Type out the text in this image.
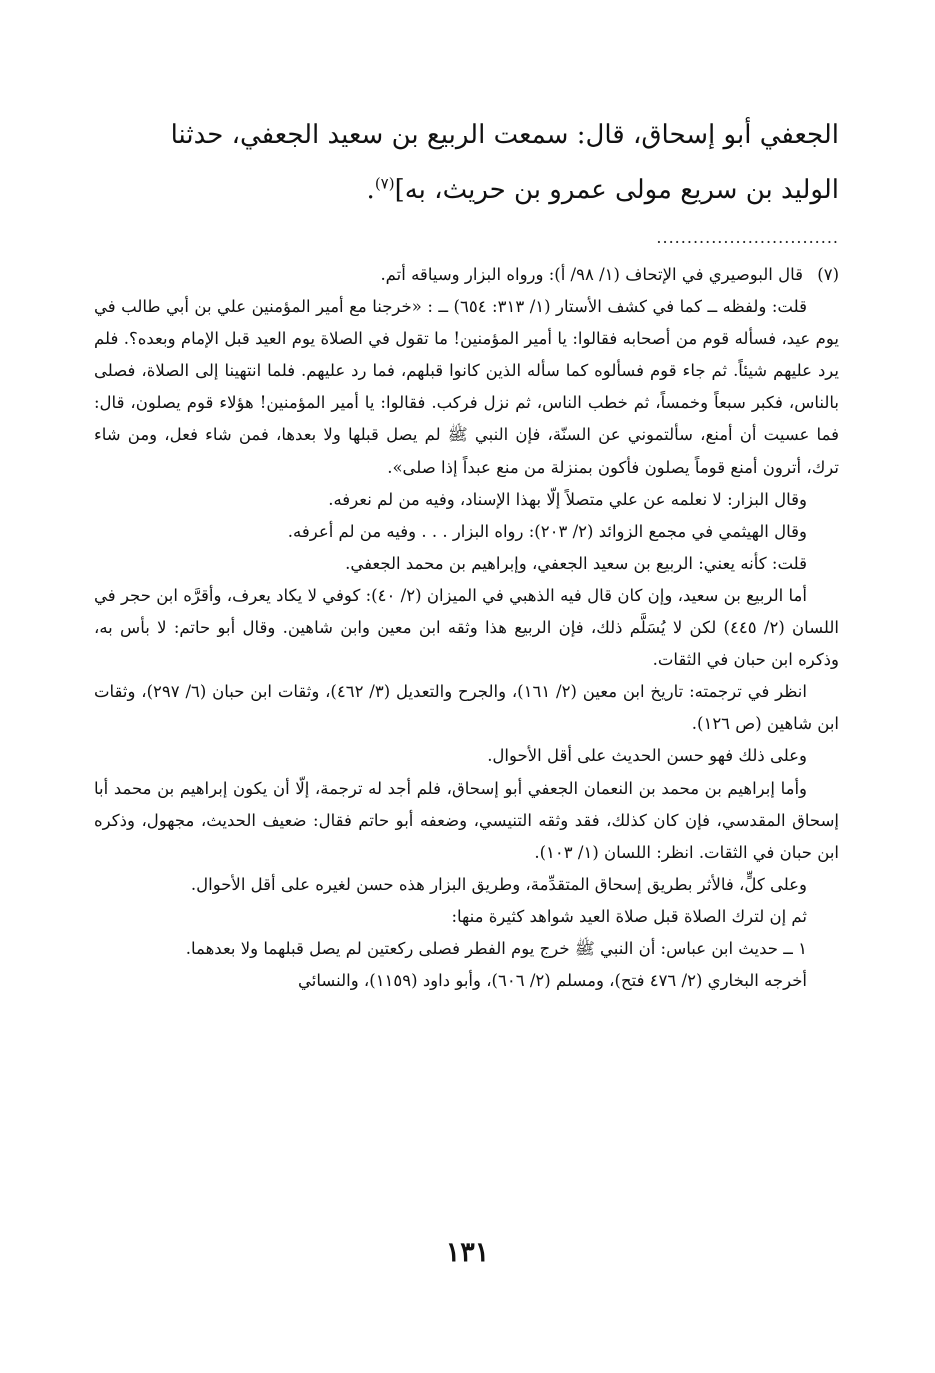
الجعفي أبو إسحاق، قال: سمعت الربيع بن سعيد الجعفي، حدثنا

الوليد بن سريع مولى عمرو بن حريث، به]$^{(٧)}$.

..............................

(٧)قال البوصيري في الإتحاف (١/ ٩٨/ أ): ورواه البزار وسياقه أتم.

قلت: ولفظه ــ كما في كشف الأستار (١/ ٣١٣: ٦٥٤) ــ : «خرجنا مع أمير المؤمنين علي بن أبي طالب في يوم عيد، فسأله قوم من أصحابه فقالوا: يا أمير المؤمنين! ما تقول في الصلاة يوم العيد قبل الإمام وبعده؟. فلم يرد عليهم شيئاً. ثم جاء قوم فسألوه كما سأله الذين كانوا قبلهم، فما رد عليهم. فلما انتهينا إلى الصلاة، فصلى بالناس، فكبر سبعاً وخمساً، ثم خطب الناس، ثم نزل فركب. فقالوا: يا أمير المؤمنين! هؤلاء قوم يصلون، قال: فما عسيت أن أمنع، سألتموني عن السنّة، فإن النبي ﷺ لم يصل قبلها ولا بعدها، فمن شاء فعل، ومن شاء ترك، أترون أمنع قوماً يصلون فأكون بمنزلة من منع عبداً إذا صلى».

وقال البزار: لا نعلمه عن علي متصلاً إلّا بهذا الإسناد، وفيه من لم نعرفه.

وقال الهيثمي في مجمع الزوائد (٢/ ٢٠٣): رواه البزار . . . وفيه من لم أعرفه.

قلت: كأنه يعني: الربيع بن سعيد الجعفي، وإبراهيم بن محمد الجعفي.

أما الربيع بن سعيد، وإن كان قال فيه الذهبي في الميزان (٢/ ٤٠): كوفي لا يكاد يعرف، وأقرَّه ابن حجر في اللسان (٢/ ٤٤٥) لكن لا يُسَلَّم ذلك، فإن الربيع هذا وثقه ابن معين وابن شاهين. وقال أبو حاتم: لا بأس به، وذكره ابن حبان في الثقات.

انظر في ترجمته: تاريخ ابن معين (٢/ ١٦١)، والجرح والتعديل (٣/ ٤٦٢)، وثقات ابن حبان (٦/ ٢٩٧)، وثقات ابن شاهين (ص ١٢٦).

وعلى ذلك فهو حسن الحديث على أقل الأحوال.

وأما إبراهيم بن محمد بن النعمان الجعفي أبو إسحاق، فلم أجد له ترجمة، إلّا أن يكون إبراهيم بن محمد أبا إسحاق المقدسي، فإن كان كذلك، فقد وثقه التنيسي، وضعفه أبو حاتم فقال: ضعيف الحديث، مجهول، وذكره ابن حبان في الثقات. انظر: اللسان (١/ ١٠٣).

وعلى كلٍّ، فالأثر بطريق إسحاق المتقدِّمة، وطريق البزار هذه حسن لغيره على أقل الأحوال.

ثم إن لترك الصلاة قبل صلاة العيد شواهد كثيرة منها:

١ ــ حديث ابن عباس: أن النبي ﷺ خرج يوم الفطر فصلى ركعتين لم يصل قبلهما ولا بعدهما.

أخرجه البخاري (٢/ ٤٧٦ فتح)، ومسلم (٢/ ٦٠٦)، وأبو داود (١١٥٩)، والنسائي

١٣١
